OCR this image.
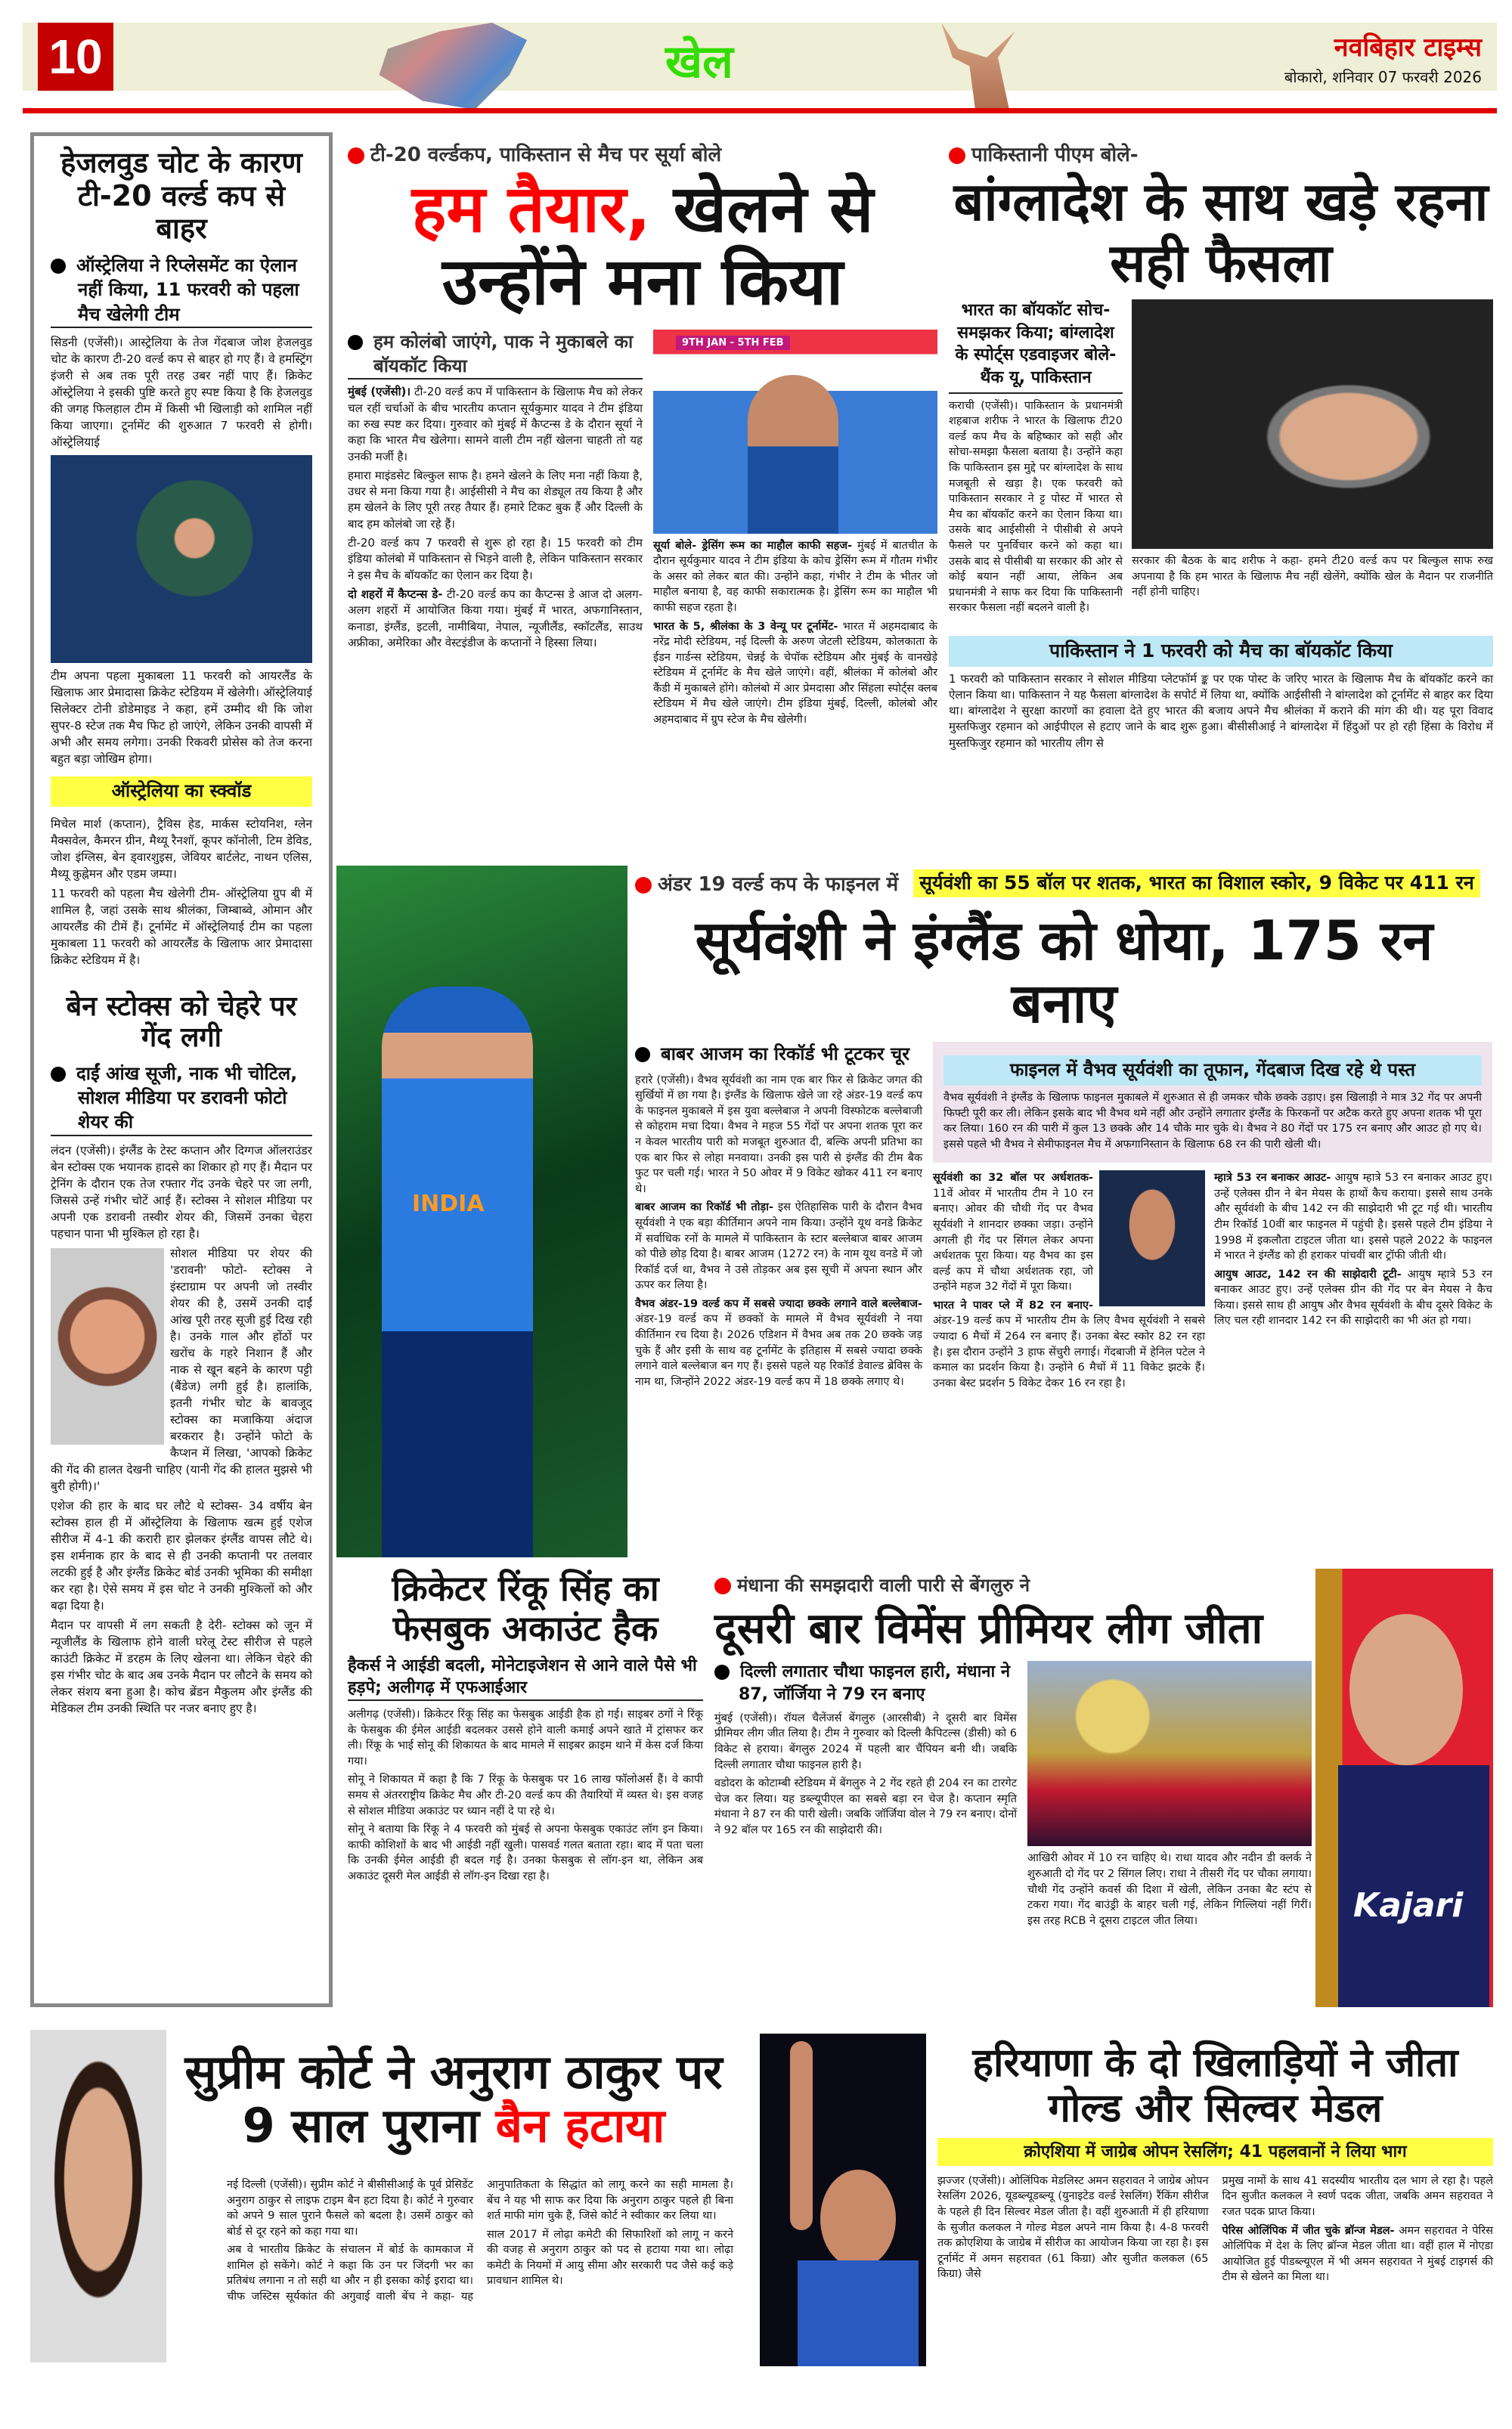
10	खेल	नवबिहार टाइम्स
बोकारो, शनिवार 07 फरवरी 2026
हेजलवुड चोट के कारण टी-20 वर्ल्ड कप से बाहर
ऑस्ट्रेलिया ने रिप्लेसमेंट का ऐलान नहीं किया, 11 फरवरी को पहला मैच खेलेगी टीम

सिडनी (एजेंसी)। आस्ट्रेलिया के तेज गेंदबाज जोश हेजलवुड चोट के कारण टी-20 वर्ल्ड कप से बाहर हो गए हैं। वे हमस्ट्रिंग इंजरी से अब तक पूरी तरह उबर नहीं पाए हैं। क्रिकेट ऑस्ट्रेलिया ने इसकी पुष्टि करते हुए स्पष्ट किया है कि हेजलवुड की जगह फिलहाल टीम में किसी भी खिलाड़ी को शामिल नहीं किया जाएगा। टूर्नामेंट की शुरुआत 7 फरवरी से होगी। ऑस्ट्रेलियाई

टीम अपना पहला मुकाबला 11 फरवरी को आयरलैंड के खिलाफ आर प्रेमादासा क्रिकेट स्टेडियम में खेलेगी। ऑस्ट्रेलियाई सिलेक्टर टोनी डोडेमाइड ने कहा, हमें उम्मीद थी कि जोश सुपर-8 स्टेज तक मैच फिट हो जाएंगे, लेकिन उनकी वापसी में अभी और समय लगेगा। उनकी रिकवरी प्रोसेस को तेज करना बहुत बड़ा जोखिम होगा।

ऑस्ट्रेलिया का स्क्वॉड

मिचेल मार्श (कप्तान), ट्रैविस हेड, मार्कस स्टोयनिश, ग्लेन मैक्सवेल, कैमरन ग्रीन, मैथ्यू रैनशॉ, कूपर कॉनोली, टिम डेविड, जोश इंग्लिस, बेन ड्वारशुइस, जेवियर बार्टलेट, नाथन एलिस, मैथ्यू कुह्नेमन और एडम जम्पा।

11 फरवरी को पहला मैच खेलेगी टीम- ऑस्ट्रेलिया ग्रुप बी में शामिल है, जहां उसके साथ श्रीलंका, जिम्बाब्वे, ओमान और आयरलैंड की टीमें हैं। टूर्नामेंट में ऑस्ट्रेलियाई टीम का पहला मुकाबला 11 फरवरी को आयरलैंड के खिलाफ आर प्रेमादासा क्रिकेट स्टेडियम में है।

बेन स्टोक्स को चेहरे पर गेंद लगी
दाईं आंख सूजी, नाक भी चोटिल, सोशल मीडिया पर डरावनी फोटो शेयर की

लंदन (एजेंसी)। इंग्लैंड के टेस्ट कप्तान और दिग्गज ऑलराउंडर बेन स्टोक्स एक भयानक हादसे का शिकार हो गए हैं। मैदान पर ट्रेनिंग के दौरान एक तेज रफ्तार गेंद उनके चेहरे पर जा लगी, जिससे उन्हें गंभीर चोटें आई हैं। स्टोक्स ने सोशल मीडिया पर अपनी एक डरावनी तस्वीर शेयर की, जिसमें उनका चेहरा पहचान पाना भी मुश्किल हो रहा है।

सोशल मीडिया पर शेयर की 'डरावनी' फोटो- स्टोक्स ने इंस्टाग्राम पर अपनी जो तस्वीर शेयर की है, उसमें उनकी दाईं आंख पूरी तरह सूजी हुई दिख रही है। उनके गाल और होंठों पर खरोंच के गहरे निशान हैं और नाक से खून बहने के कारण पट्टी (बैंडेज) लगी हुई है। हालांकि, इतनी गंभीर चोट के बावजूद स्टोक्स का मजाकिया अंदाज बरकरार है। उन्होंने फोटो के कैप्शन में लिखा, 'आपको क्रिकेट की गेंद की हालत देखनी चाहिए (यानी गेंद की हालत मुझसे भी बुरी होगी)।'

एशेज की हार के बाद घर लौटे थे स्टोक्स- 34 वर्षीय बेन स्टोक्स हाल ही में ऑस्ट्रेलिया के खिलाफ खत्म हुई एशेज सीरीज में 4-1 की करारी हार झेलकर इंग्लैंड वापस लौटे थे। इस शर्मनाक हार के बाद से ही उनकी कप्तानी पर तलवार लटकी हुई है और इंग्लैंड क्रिकेट बोर्ड उनकी भूमिका की समीक्षा कर रहा है। ऐसे समय में इस चोट ने उनकी मुश्किलों को और बढ़ा दिया है।

मैदान पर वापसी में लग सकती है देरी- स्टोक्स को जून में न्यूजीलैंड के खिलाफ होने वाली घरेलू टेस्ट सीरीज से पहले काउंटी क्रिकेट में डरहम के लिए खेलना था। लेकिन चेहरे की इस गंभीर चोट के बाद अब उनके मैदान पर लौटने के समय को लेकर संशय बना हुआ है। कोच ब्रेंडन मैकुलम और इंग्लैंड की मेडिकल टीम उनकी स्थिति पर नजर बनाए हुए है।

टी-20 वर्ल्डकप, पाकिस्तान से मैच पर सूर्या बोले
हम तैयार, खेलने से उन्होंने मना किया
हम कोलंबो जाएंगे, पाक ने मुकाबले का बॉयकॉट किया

मुंबई (एजेंसी)। टी-20 वर्ल्ड कप में पाकिस्तान के खिलाफ मैच को लेकर चल रहीं चर्चाओं के बीच भारतीय कप्तान सूर्यकुमार यादव ने टीम इंडिया का रुख स्पष्ट कर दिया। गुरुवार को मुंबई में कैप्टन्स डे के दौरान सूर्या ने कहा कि भारत मैच खेलेगा। सामने वाली टीम नहीं खेलना चाहती तो यह उनकी मर्जी है।

हमारा माइंडसेट बिल्कुल साफ है। हमने खेलने के लिए मना नहीं किया है, उधर से मना किया गया है। आईसीसी ने मैच का शेड्यूल तय किया है और हम खेलने के लिए पूरी तरह तैयार हैं। हमारे टिकट बुक हैं और दिल्ली के बाद हम कोलंबो जा रहे हैं।

टी-20 वर्ल्ड कप 7 फरवरी से शुरू हो रहा है। 15 फरवरी को टीम इंडिया कोलंबो में पाकिस्तान से भिड़ने वाली है, लेकिन पाकिस्तान सरकार ने इस मैच के बॉयकॉट का ऐलान कर दिया है।

दो शहरों में कैप्टन्स डे- टी-20 वर्ल्ड कप का कैप्टन्स डे आज दो अलग-अलग शहरों में आयोजित किया गया। मुंबई में भारत, अफगानिस्तान, कनाडा, इंग्लैंड, इटली, नामीबिया, नेपाल, न्यूजीलैंड, स्कॉटलैंड, साउथ अफ्रीका, अमेरिका और वेस्टइंडीज के कप्तानों ने हिस्सा लिया।

9TH JAN - 5TH FEB

सूर्या बोले- ड्रेसिंग रूम का माहौल काफी सहज- मुंबई में बातचीत के दौरान सूर्यकुमार यादव ने टीम इंडिया के कोच ड्रेसिंग रूम में गौतम गंभीर के असर को लेकर बात की। उन्होंने कहा, गंभीर ने टीम के भीतर जो माहौल बनाया है, वह काफी सकारात्मक है। ड्रेसिंग रूम का माहौल भी काफी सहज रहता है।

भारत के 5, श्रीलंका के 3 वेन्यू पर टूर्नामेंट- भारत में अहमदाबाद के नरेंद्र मोदी स्टेडियम, नई दिल्ली के अरुण जेटली स्टेडियम, कोलकाता के ईडन गार्डन्स स्टेडियम, चेन्नई के चेपॉक स्टेडियम और मुंबई के वानखेड़े स्टेडियम में टूर्नामेंट के मैच खेले जाएंगे। वहीं, श्रीलंका में कोलंबो और कैंडी में मुकाबले होंगे। कोलंबो में आर प्रेमदासा और सिंहला स्पोर्ट्स क्लब स्टेडियम में मैच खेले जाएंगे। टीम इंडिया मुंबई, दिल्ली, कोलंबो और अहमदाबाद में ग्रुप स्टेज के मैच खेलेगी।

पाकिस्तानी पीएम बोले-
बांग्लादेश के साथ खड़े रहना सही फैसला
भारत का बॉयकॉट सोच-समझकर किया; बांग्लादेश के स्पोर्ट्स एडवाइजर बोले- थैंक यू, पाकिस्तान

कराची (एजेंसी)। पाकिस्तान के प्रधानमंत्री शहबाज शरीफ ने भारत के खिलाफ टी20 वर्ल्ड कप मैच के बहिष्कार को सही और सोचा-समझा फैसला बताया है। उन्होंने कहा कि पाकिस्तान इस मुद्दे पर बांग्लादेश के साथ मजबूती से खड़ा है। एक फरवरी को पाकिस्तान सरकार ने ट्ट पोस्ट में भारत से मैच का बॉयकॉट करने का ऐलान किया था। उसके बाद आईसीसी ने पीसीबी से अपने फैसले पर पुनर्विचार करने को कहा था। उसके बाद से पीसीबी या सरकार की ओर से कोई बयान नहीं आया, लेकिन अब प्रधानमंत्री ने साफ कर दिया कि पाकिस्तानी सरकार फैसला नहीं बदलने वाली है।

सरकार की बैठक के बाद शरीफ ने कहा- हमने टी20 वर्ल्ड कप पर बिल्कुल साफ रुख अपनाया है कि हम भारत के खिलाफ मैच नहीं खेलेंगे, क्योंकि खेल के मैदान पर राजनीति नहीं होनी चाहिए।

पाकिस्तान ने 1 फरवरी को मैच का बॉयकॉट किया

1 फरवरी को पाकिस्तान सरकार ने सोशल मीडिया प्लेटफॉर्म ङ्क पर एक पोस्ट के जरिए भारत के खिलाफ मैच के बॉयकॉट करने का ऐलान किया था। पाकिस्तान ने यह फैसला बांग्लादेश के सपोर्ट में लिया था, क्योंकि आईसीसी ने बांग्लादेश को टूर्नामेंट से बाहर कर दिया था। बांग्लादेश ने सुरक्षा कारणों का हवाला देते हुए भारत की बजाय अपने मैच श्रीलंका में कराने की मांग की थी। यह पूरा विवाद मुस्तफिजुर रहमान को आईपीएल से हटाए जाने के बाद शुरू हुआ। बीसीसीआई ने बांग्लादेश में हिंदुओं पर हो रही हिंसा के विरोध में मुस्तफिजुर रहमान को भारतीय लीग से

INDIA
अंडर 19 वर्ल्ड कप के फाइनल में	सूर्यवंशी का 55 बॉल पर शतक, भारत का विशाल स्कोर, 9 विकेट पर 411 रन
सूर्यवंशी ने इंग्लैंड को धोया, 175 रन बनाए
बाबर आजम का रिकॉर्ड भी टूटकर चूर

हरारे (एजेंसी)। वैभव सूर्यवंशी का नाम एक बार फिर से क्रिकेट जगत की सुर्खियों में छा गया है। इंग्लैंड के खिलाफ खेले जा रहे अंडर-19 वर्ल्ड कप के फाइनल मुकाबले में इस युवा बल्लेबाज ने अपनी विस्फोटक बल्लेबाजी से कोहराम मचा दिया। वैभव ने महज 55 गेंदों पर अपना शतक पूरा कर न केवल भारतीय पारी को मजबूत शुरुआत दी, बल्कि अपनी प्रतिभा का एक बार फिर से लोहा मनवाया। उनकी इस पारी से इंग्लैंड की टीम बैक फुट पर चली गई। भारत ने 50 ओवर में 9 विकेट खोकर 411 रन बनाए थे।

बाबर आजम का रिकॉर्ड भी तोड़ा- इस ऐतिहासिक पारी के दौरान वैभव सूर्यवंशी ने एक बड़ा कीर्तिमान अपने नाम किया। उन्होंने यूथ वनडे क्रिकेट में सर्वाधिक रनों के मामले में पाकिस्तान के स्टार बल्लेबाज बाबर आजम को पीछे छोड़ दिया है। बाबर आजम (1272 रन) के नाम यूथ वनडे में जो रिकॉर्ड दर्ज था, वैभव ने उसे तोड़कर अब इस सूची में अपना स्थान और ऊपर कर लिया है।

वैभव अंडर-19 वर्ल्ड कप में सबसे ज्यादा छक्के लगाने वाले बल्लेबाज- अंडर-19 वर्ल्ड कप में छक्कों के मामले में वैभव सूर्यवंशी ने नया कीर्तिमान रच दिया है। 2026 एडिशन में वैभव अब तक 20 छक्के जड़ चुके हैं और इसी के साथ वह टूर्नामेंट के इतिहास में सबसे ज्यादा छक्के लगाने वाले बल्लेबाज बन गए हैं। इससे पहले यह रिकॉर्ड डेवाल्ड ब्रेविस के नाम था, जिन्होंने 2022 अंडर-19 वर्ल्ड कप में 18 छक्के लगाए थे।

फाइनल में वैभव सूर्यवंशी का तूफान, गेंदबाज दिख रहे थे पस्त

वैभव सूर्यवंशी ने इंग्लैंड के खिलाफ फाइनल मुकाबले में शुरुआत से ही जमकर चौके छक्के उड़ाए। इस खिलाड़ी ने मात्र 32 गेंद पर अपनी फिफ्टी पूरी कर ली। लेकिन इसके बाद भी वैभव थमे नहीं और उन्होंने लगातार इंग्लैंड के फिरकनों पर अटैक करते हुए अपना शतक भी पूरा कर लिया। 160 रन की पारी में कुल 13 छक्के और 14 चौके मार चुके थे। वैभव ने 80 गेंदों पर 175 रन बनाए और आउट हो गए थे। इससे पहले भी वैभव ने सेमीफाइनल मैच में अफगानिस्तान के खिलाफ 68 रन की पारी खेली थी।

सूर्यवंशी का 32 बॉल पर अर्धशतक- 11वें ओवर में भारतीय टीम ने 10 रन बनाए। ओवर की चौथी गेंद पर वैभव सूर्यवंशी ने शानदार छक्का जड़ा। उन्होंने अगली ही गेंद पर सिंगल लेकर अपना अर्धशतक पूरा किया। यह वैभव का इस वर्ल्ड कप में चौथा अर्धशतक रहा, जो उन्होंने महज 32 गेंदों में पूरा किया।

भारत ने पावर प्ले में 82 रन बनाए- अंडर-19 वर्ल्ड कप में भारतीय टीम के लिए वैभव सूर्यवंशी ने सबसे ज्यादा 6 मैचों में 264 रन बनाए हैं। उनका बेस्ट स्कोर 82 रन रहा है। इस दौरान उन्होंने 3 हाफ सेंचुरी लगाई। गेंदबाजी में हेनिल पटेल ने कमाल का प्रदर्शन किया है। उन्होंने 6 मैचों में 11 विकेट झटके हैं। उनका बेस्ट प्रदर्शन 5 विकेट देकर 16 रन रहा है।

म्हात्रे 53 रन बनाकर आउट- आयुष म्हात्रे 53 रन बनाकर आउट हुए। उन्हें एलेक्स ग्रीन ने बेन मेयस के हाथों कैच कराया। इससे साथ उनके और सूर्यवंशी के बीच 142 रन की साझेदारी भी टूट गई थी। भारतीय टीम रिकॉर्ड 10वीं बार फाइनल में पहुंची है। इससे पहले टीम इंडिया ने 1998 में इकलौता टाइटल जीता था। इससे पहले 2022 के फाइनल में भारत ने इंग्लैंड को ही हराकर पांचवीं बार ट्रॉफी जीती थी।

आयुष आउट, 142 रन की साझेदारी टूटी- आयुष म्हात्रे 53 रन बनाकर आउट हुए। उन्हें एलेक्स ग्रीन की गेंद पर बेन मेयस ने कैच किया। इससे साथ ही आयुष और वैभव सूर्यवंशी के बीच दूसरे विकेट के लिए चल रही शानदार 142 रन की साझेदारी का भी अंत हो गया।

क्रिकेटर रिंकू सिंह का फेसबुक अकाउंट हैक
हैकर्स ने आईडी बदली, मोनेटाइजेशन से आने वाले पैसे भी हड़पे; अलीगढ़ में एफआईआर

अलीगढ़ (एजेंसी)। क्रिकेटर रिंकू सिंह का फेसबुक आईडी हैक हो गई। साइबर ठगों ने रिंकू के फेसबुक की ईमेल आईडी बदलकर उससे होने वाली कमाई अपने खाते में ट्रांसफर कर ली। रिंकू के भाई सोनू की शिकायत के बाद मामले में साइबर क्राइम थाने में केस दर्ज किया गया।

सोनू ने शिकायत में कहा है कि 7 रिंकू के फेसबुक पर 16 लाख फॉलोअर्स हैं। वे कापी समय से अंतरराष्ट्रीय क्रिकेट मैच और टी-20 वर्ल्ड कप की तैयारियों में व्यस्त थे। इस वजह से सोशल मीडिया अकाउंट पर ध्यान नहीं दे पा रहे थे।

सोनू ने बताया कि रिंकू ने 4 फरवरी को मुंबई से अपना फेसबुक एकाउंट लॉग इन किया। काफी कोशिशों के बाद भी आईडी नहीं खुली। पासवर्ड गलत बताता रहा। बाद में पता चला कि उनकी ईमेल आईडी ही बदल गई है। उनका फेसबुक से लॉग-इन था, लेकिन अब अकाउंट दूसरी मेल आईडी से लॉग-इन दिखा रहा है।

मंधाना की समझदारी वाली पारी से बेंगलुरु ने
दूसरी बार विमेंस प्रीमियर लीग जीता
दिल्ली लगातार चौथा फाइनल हारी, मंधाना ने 87, जॉर्जिया ने 79 रन बनाए

मुंबई (एजेंसी)। रॉयल चैलेंजर्स बेंगलुरु (आरसीबी) ने दूसरी बार विमेंस प्रीमियर लीग जीत लिया है। टीम ने गुरुवार को दिल्ली कैपिटल्स (डीसी) को 6 विकेट से हराया। बेंगलुरु 2024 में पहली बार चैंपियन बनी थी। जबकि दिल्ली लगातार चौथा फाइनल हारी है।

वडोदरा के कोटाम्बी स्टेडियम में बेंगलुरु ने 2 गेंद रहते ही 204 रन का टारगेट चेज कर लिया। यह डब्ल्यूपीएल का सबसे बड़ा रन चेज है। कप्तान स्मृति मंधाना ने 87 रन की पारी खेली। जबकि जॉर्जिया वोल ने 79 रन बनाए। दोनों ने 92 बॉल पर 165 रन की साझेदारी की।

आखिरी ओवर में 10 रन चाहिए थे। राधा यादव और नदीन डी क्लर्क ने शुरुआती दो गेंद पर 2 सिंगल लिए। राधा ने तीसरी गेंद पर चौका लगाया। चौथी गेंद उन्होंने कवर्स की दिशा में खेली, लेकिन उनका बैट स्टंप से टकरा गया। गेंद बाउंड्री के बाहर चली गई, लेकिन गिल्लियां नहीं गिरीं। इस तरह RCB ने दूसरा टाइटल जीत लिया।	Kajari
सुप्रीम कोर्ट ने अनुराग ठाकुर पर 9 साल पुराना बैन हटाया

नई दिल्ली (एजेंसी)। सुप्रीम कोर्ट ने बीसीसीआई के पूर्व प्रेसिडेंट अनुराग ठाकुर से लाइफ टाइम बैन हटा दिया है। कोर्ट ने गुरुवार को अपने 9 साल पुराने फैसले को बदला है। उसमें ठाकुर को बोर्ड से दूर रहने को कहा गया था।

अब वे भारतीय क्रिकेट के संचालन में बोर्ड के कामकाज में शामिल हो सकेंगे। कोर्ट ने कहा कि उन पर जिंदगी भर का प्रतिबंध लगाना न तो सही था और न ही इसका कोई इरादा था। चीफ जस्टिस सूर्यकांत की अगुवाई वाली बेंच ने कहा- यह आनुपातिकता के सिद्धांत को लागू करने का सही मामला है। बेंच ने यह भी साफ कर दिया कि अनुराग ठाकुर पहले ही बिना शर्त माफी मांग चुके हैं, जिसे कोर्ट ने स्वीकार कर लिया था।

साल 2017 में लोढ़ा कमेटी की सिफारिशों को लागू न करने की वजह से अनुराग ठाकुर को पद से हटाया गया था। लोढ़ा कमेटी के नियमों में आयु सीमा और सरकारी पद जैसे कई कड़े प्रावधान शामिल थे।

हरियाणा के दो खिलाड़ियों ने जीता गोल्ड और सिल्वर मेडल
क्रोएशिया में जाग्रेब ओपन रेसलिंग; 41 पहलवानों ने लिया भाग

झज्जर (एजेंसी)। ओलिंपिक मेडलिस्ट अमन सहरावत ने जाग्रेब ओपन रेसलिंग 2026, यूडब्ल्यूडब्ल्यू (युनाइटेड वर्ल्ड रेसलिंग) रैंकिंग सीरीज के पहले ही दिन सिल्वर मेडल जीता है। वहीं शुरुआती में ही हरियाणा के सुजीत कलकल ने गोल्ड मेडल अपने नाम किया है। 4-8 फरवरी तक क्रोएशिया के जाग्रेब में सीरीज का आयोजन किया जा रहा है। इस टूर्नामेंट में अमन सहरावत (61 किग्रा) और सुजीत कलकल (65 किग्रा) जैसे

प्रमुख नामों के साथ 41 सदस्यीय भारतीय दल भाग ले रहा है। पहले दिन सुजीत कलकल ने स्वर्ण पदक जीता, जबकि अमन सहरावत ने रजत पदक प्राप्त किया।

पेरिस ओलिंपिक में जीत चुके ब्रॉन्ज मेडल- अमन सहरावत ने पेरिस ओलिंपिक में देश के लिए ब्रॉन्ज मेडल जीता था। वहीं हाल में नोएडा आयोजित हुई पीडब्ल्यूएल में भी अमन सहरावत ने मुंबई टाइगर्स की टीम से खेलने का मिला था।
